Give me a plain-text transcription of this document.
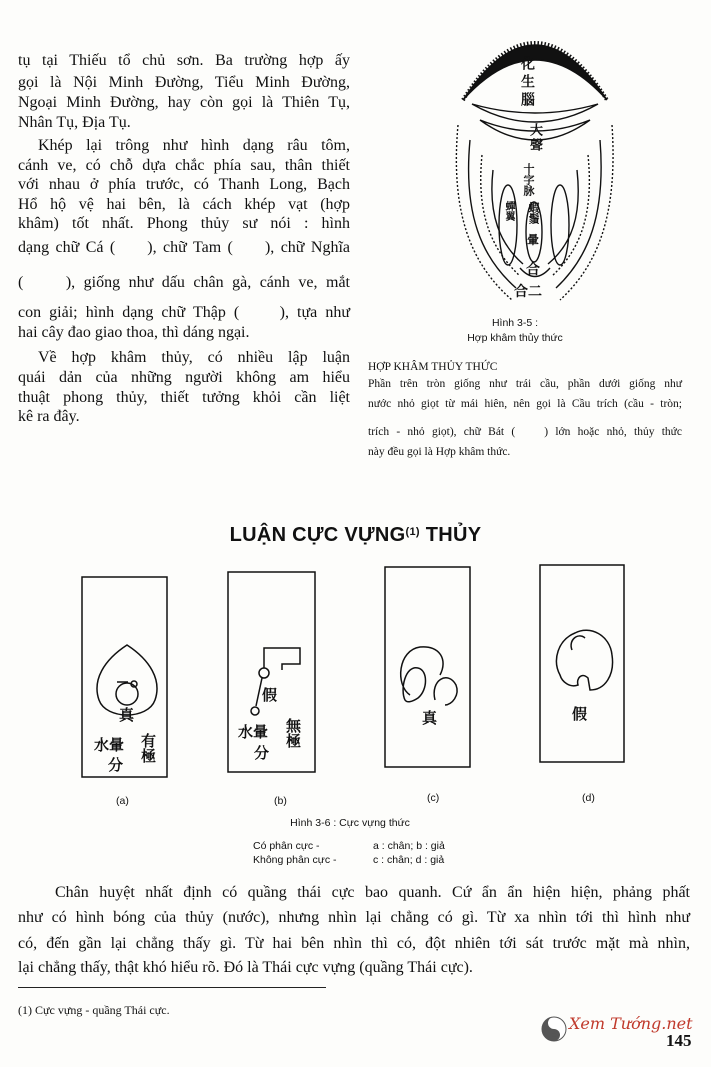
tụ tại Thiếu tổ chủ sơn. Ba trường hợp ấy
gọi là Nội Minh Đường, Tiểu Minh Đường,
Ngoại Minh Đường, hay còn gọi là Thiên Tụ,
Nhân Tụ, Địa Tụ.
Khép lại trông như hình dạng râu tôm,
cánh ve, có chỗ dựa chắc phía sau, thân thiết
với nhau ở phía trước, có Thanh Long, Bạch
Hổ hộ vệ hai bên, là cách khép vạt (hợp
khâm) tốt nhất. Phong thủy sư nói : hình
dạng chữ Cá (     ), chữ Tam (     ), chữ Nghĩa
(     ), giống như dấu chân gà, cánh ve, mắt
con giải; hình dạng chữ Thập (     ), tựa như
hai cây đao giao thoa, thì dáng ngại.
Về hợp khâm thủy, có nhiều lập luận
quái dản của những người không am hiểu
thuật phong thủy, thiết tưởng khỏi cần liệt
kê ra đây.
化生腦
大聲
十字脉
蟬翼 蝦鬚
暈
合
合二
Hình 3-5 :
Hợp khâm thủy thức
HỢP KHÂM THỦY THỨC
Phần trên tròn giống như trái cầu, phần dưới giống như
nước nhỏ giọt từ mái hiên, nên gọi là Cầu trích (cầu - tròn;
trích - nhỏ giọt), chữ Bát (    ) lớn hoặc nhỏ, thủy thức
này đều gọi là Hợp khâm thức.
LUẬN CỰC VỰNG$^{(1)}$ THỦY
真
水暈
分
有極
假
水暈
分
無極	真	假
(a)	(b)	(c)	(d)
Hình 3-6 : Cực vựng thức
Có phân cực -	a : chân; b : giả
Không phân cực -	c : chân; d : giả
Chân huyệt nhất định có quầng thái cực bao quanh. Cứ ẩn ẩn hiện hiện, phảng phất
như có hình bóng của thủy (nước), nhưng nhìn lại chẳng có gì. Từ xa nhìn tới thì hình như
có, đến gần lại chẳng thấy gì. Từ hai bên nhìn thì có, đột nhiên tới sát trước mặt mà nhìn,
lại chẳng thấy, thật khó hiểu rõ. Đó là Thái cực vựng (quầng Thái cực).
(1) Cực vựng - quầng Thái cực.
Xem Tướng.net
145
